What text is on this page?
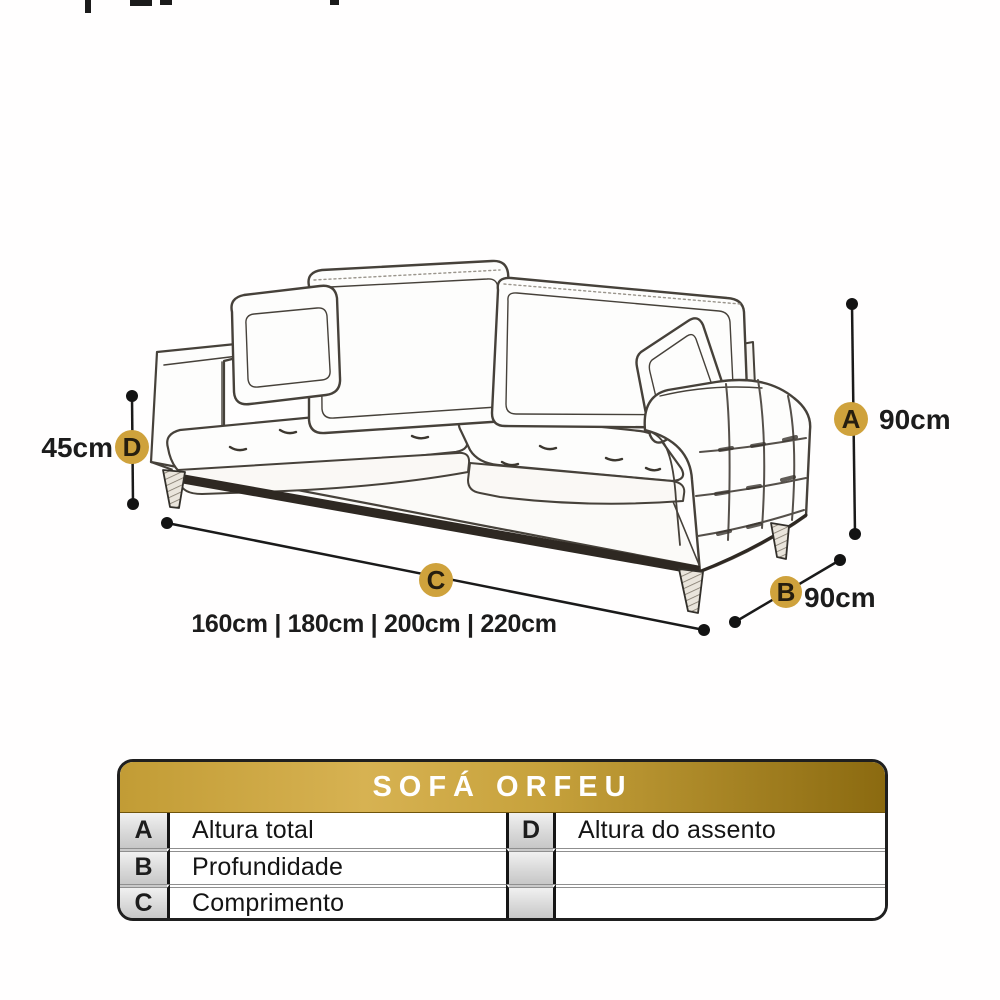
D
45cm
A 90cm
B 90cm
C
160cm | 180cm | 200cm | 220cm
SOFÁ ORFEU
A	Altura total	D	Altura do assento
B	Profundidade
C	Comprimento
